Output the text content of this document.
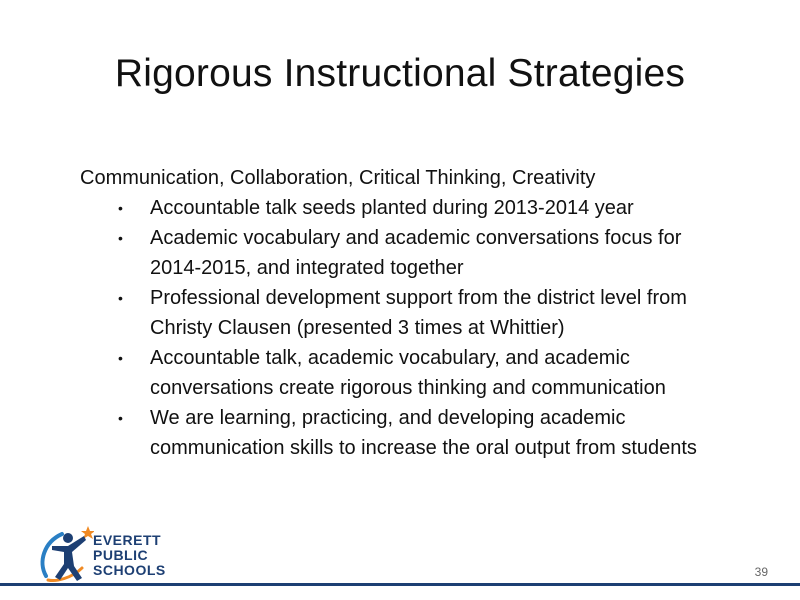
Rigorous Instructional Strategies

Communication, Collaboration, Critical Thinking, Creativity

• Accountable talk seeds planted during 2013-2014 year
• Academic vocabulary and academic conversations focus for 2014-2015, and integrated together
• Professional development support from the district level from Christy Clausen (presented 3 times at Whittier)
• Accountable talk, academic vocabulary, and academic conversations create rigorous thinking and communication
• We are learning, practicing, and developing academic communication skills to increase the oral output from students
EVERETT
PUBLIC
SCHOOLS	39
